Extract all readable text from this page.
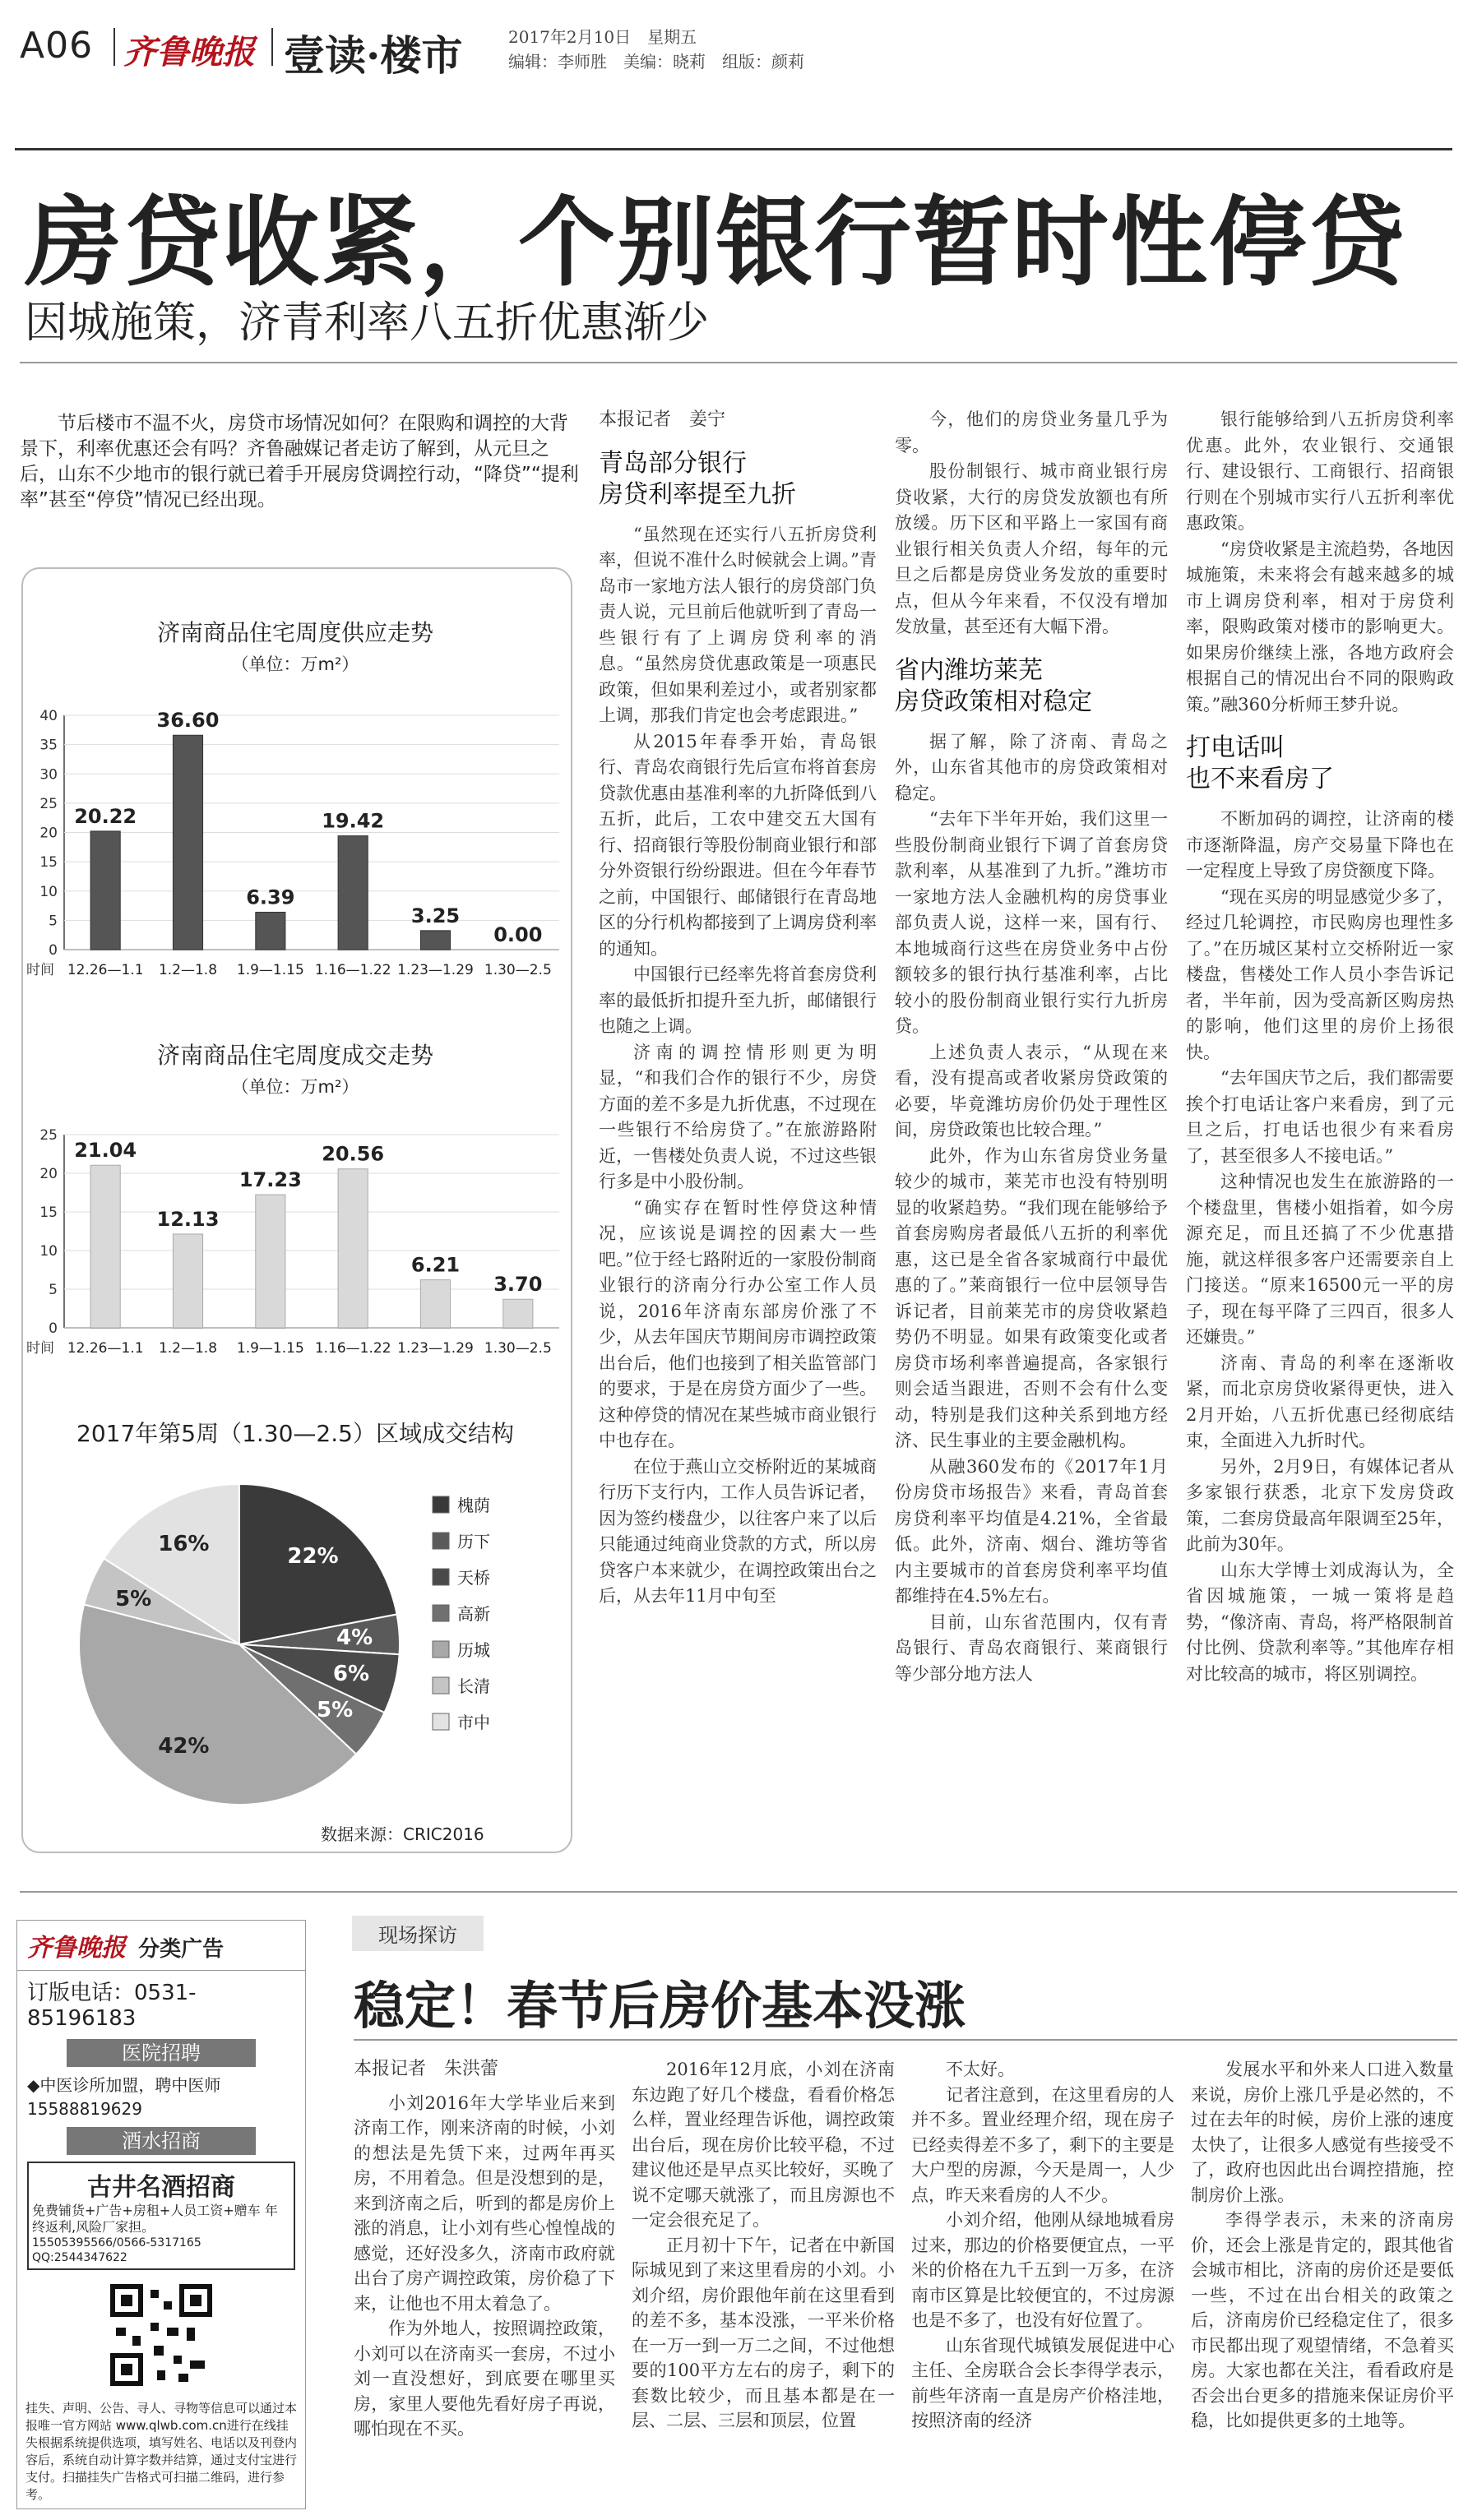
A06 齐鲁晚报 壹读·楼市	2017年2月10日　星期五
编辑：李师胜　美编：晓莉　组版：颜莉
房贷收紧，个别银行暂时性停贷
因城施策，济青利率八五折优惠渐少
节后楼市不温不火，房贷市场情况如何？在限购和调控的大背景下，利率优惠还会有吗？齐鲁融媒记者走访了解到，从元旦之后，山东不少地市的银行就已着手开展房贷调控行动，“降贷”“提利率”甚至“停贷”情况已经出现。
济南商品住宅周度供应走势
（单位：万m²）
0
5
10
15
20
25
30
35
40
时间
20.22
12.26—1.1
36.60
1.2—1.8
6.39
1.9—1.15
19.42
1.16—1.22
3.25
1.23—1.29
0.00
1.30—2.5
济南商品住宅周度成交走势
（单位：万m²）
0
5
10
15
20
25
时间
21.04
12.26—1.1
12.13
1.2—1.8
17.23
1.9—1.15
20.56
1.16—1.22
6.21
1.23—1.29
3.70
1.30—2.5
2017年第5周（1.30—2.5）区域成交结构
22%
4%
6%
5%
42%
5%
16%
槐荫
历下
天桥
高新
历城
长清
市中
数据来源：CRIC2016
本报记者　姜宁
青岛部分银行
房贷利率提至九折

“虽然现在还实行八五折房贷利率，但说不准什么时候就会上调。”青岛市一家地方法人银行的房贷部门负责人说，元旦前后他就听到了青岛一些银行有了上调房贷利率的消息。“虽然房贷优惠政策是一项惠民政策，但如果利差过小，或者别家都上调，那我们肯定也会考虑跟进。”

从2015年春季开始，青岛银行、青岛农商银行先后宣布将首套房贷款优惠由基准利率的九折降低到八五折，此后，工农中建交五大国有行、招商银行等股份制商业银行和部分外资银行纷纷跟进。但在今年春节之前，中国银行、邮储银行在青岛地区的分行机构都接到了上调房贷利率的通知。

中国银行已经率先将首套房贷利率的最低折扣提升至九折，邮储银行也随之上调。

济南的调控情形则更为明显，“和我们合作的银行不少，房贷方面的差不多是九折优惠，不过现在一些银行不给房贷了。”在旅游路附近，一售楼处负责人说，不过这些银行多是中小股份制。

“确实存在暂时性停贷这种情况，应该说是调控的因素大一些吧。”位于经七路附近的一家股份制商业银行的济南分行办公室工作人员说，2016年济南东部房价涨了不少，从去年国庆节期间房市调控政策出台后，他们也接到了相关监管部门的要求，于是在房贷方面少了一些。这种停贷的情况在某些城市商业银行中也存在。

在位于燕山立交桥附近的某城商行历下支行内，工作人员告诉记者，因为签约楼盘少，以往客户来了以后只能通过纯商业贷款的方式，所以房贷客户本来就少，在调控政策出台之后，从去年11月中旬至

今，他们的房贷业务量几乎为零。

股份制银行、城市商业银行房贷收紧，大行的房贷发放额也有所放缓。历下区和平路上一家国有商业银行相关负责人介绍，每年的元旦之后都是房贷业务发放的重要时点，但从今年来看，不仅没有增加发放量，甚至还有大幅下滑。

省内潍坊莱芜
房贷政策相对稳定

据了解，除了济南、青岛之外，山东省其他市的房贷政策相对稳定。

“去年下半年开始，我们这里一些股份制商业银行下调了首套房贷款利率，从基准到了九折。”潍坊市一家地方法人金融机构的房贷事业部负责人说，这样一来，国有行、本地城商行这些在房贷业务中占份额较多的银行执行基准利率，占比较小的股份制商业银行实行九折房贷。

上述负责人表示，“从现在来看，没有提高或者收紧房贷政策的必要，毕竟潍坊房价仍处于理性区间，房贷政策也比较合理。”

此外，作为山东省房贷业务量较少的城市，莱芜市也没有特别明显的收紧趋势。“我们现在能够给予首套房购房者最低八五折的利率优惠，这已是全省各家城商行中最优惠的了。”莱商银行一位中层领导告诉记者，目前莱芜市的房贷收紧趋势仍不明显。如果有政策变化或者房贷市场利率普遍提高，各家银行则会适当跟进，否则不会有什么变动，特别是我们这种关系到地方经济、民生事业的主要金融机构。

从融360发布的《2017年1月份房贷市场报告》来看，青岛首套房贷利率平均值是4.21%，全省最低。此外，济南、烟台、潍坊等省内主要城市的首套房贷利率平均值都维持在4.5%左右。

目前，山东省范围内，仅有青岛银行、青岛农商银行、莱商银行等少部分地方法人

银行能够给到八五折房贷利率优惠。此外，农业银行、交通银行、建设银行、工商银行、招商银行则在个别城市实行八五折利率优惠政策。

“房贷收紧是主流趋势，各地因城施策，未来将会有越来越多的城市上调房贷利率，相对于房贷利率，限购政策对楼市的影响更大。如果房价继续上涨，各地方政府会根据自己的情况出台不同的限购政策。”融360分析师王梦升说。

打电话叫
也不来看房了

不断加码的调控，让济南的楼市逐渐降温，房产交易量下降也在一定程度上导致了房贷额度下降。

“现在买房的明显感觉少多了，经过几轮调控，市民购房也理性多了。”在历城区某村立交桥附近一家楼盘，售楼处工作人员小李告诉记者，半年前，因为受高新区购房热的影响，他们这里的房价上扬很快。

“去年国庆节之后，我们都需要挨个打电话让客户来看房，到了元旦之后，打电话也很少有来看房了，甚至很多人不接电话。”

这种情况也发生在旅游路的一个楼盘里，售楼小姐指着，如今房源充足，而且还搞了不少优惠措施，就这样很多客户还需要亲自上门接送。“原来16500元一平的房子，现在每平降了三四百，很多人还嫌贵。”

济南、青岛的利率在逐渐收紧，而北京房贷收紧得更快，进入2月开始，八五折优惠已经彻底结束，全面进入九折时代。

另外，2月9日，有媒体记者从多家银行获悉，北京下发房贷政策，二套房贷最高年限调至25年，此前为30年。

山东大学博士刘成海认为，全省因城施策，一城一策将是趋势，“像济南、青岛，将严格限制首付比例、贷款利率等。”其他库存相对比较高的城市，将区别调控。

齐鲁晚报 分类广告
订版电话：0531-85196183
医院招聘
◆中医诊所加盟，聘中医师
15588819629
酒水招商
古井名酒招商
免费铺货+广告+房租+人员工资+赠车 年终返利,风险厂家担。
15505395566/0566-5317165 QQ:2544347622
挂失、声明、公告、寻人、寻物等信息可以通过本报唯一官方网站 www.qlwb.com.cn进行在线挂失根据系统提供选项，填写姓名、电话以及刊登内容后，系统自动计算字数并结算，通过支付宝进行支付。扫描挂失广告格式可扫描二维码，进行参考。
现场探访
稳定！春节后房价基本没涨
本报记者　朱洪蕾

小刘2016年大学毕业后来到济南工作，刚来济南的时候，小刘的想法是先赁下来，过两年再买房，不用着急。但是没想到的是，来到济南之后，听到的都是房价上涨的消息，让小刘有些心惶惶战的感觉，还好没多久，济南市政府就出台了房产调控政策，房价稳了下来，让他也不用太着急了。

作为外地人，按照调控政策，小刘可以在济南买一套房，不过小刘一直没想好，到底要在哪里买房，家里人要他先看好房子再说，哪怕现在不买。

2016年12月底，小刘在济南东边跑了好几个楼盘，看看价格怎么样，置业经理告诉他，调控政策出台后，现在房价比较平稳，不过建议他还是早点买比较好，买晚了说不定哪天就涨了，而且房源也不一定会很充足了。

正月初十下午，记者在中新国际城见到了来这里看房的小刘。小刘介绍，房价跟他年前在这里看到的差不多，基本没涨，一平米价格在一万一到一万二之间，不过他想要的100平方左右的房子，剩下的套数比较少，而且基本都是在一层、二层、三层和顶层，位置

不太好。

记者注意到，在这里看房的人并不多。置业经理介绍，现在房子已经卖得差不多了，剩下的主要是大户型的房源，今天是周一，人少点，昨天来看房的人不少。

小刘介绍，他刚从绿地城看房过来，那边的价格要便宜点，一平米的价格在九千五到一万多，在济南市区算是比较便宜的，不过房源也是不多了，也没有好位置了。

山东省现代城镇发展促进中心主任、全房联合会长李得学表示，前些年济南一直是房产价格洼地，按照济南的经济

发展水平和外来人口进入数量来说，房价上涨几乎是必然的，不过在去年的时候，房价上涨的速度太快了，让很多人感觉有些接受不了，政府也因此出台调控措施，控制房价上涨。

李得学表示，未来的济南房价，还会上涨是肯定的，跟其他省会城市相比，济南的房价还是要低一些，不过在出台相关的政策之后，济南房价已经稳定住了，很多市民都出现了观望情绪，不急着买房。大家也都在关注，看看政府是否会出台更多的措施来保证房价平稳，比如提供更多的土地等。
